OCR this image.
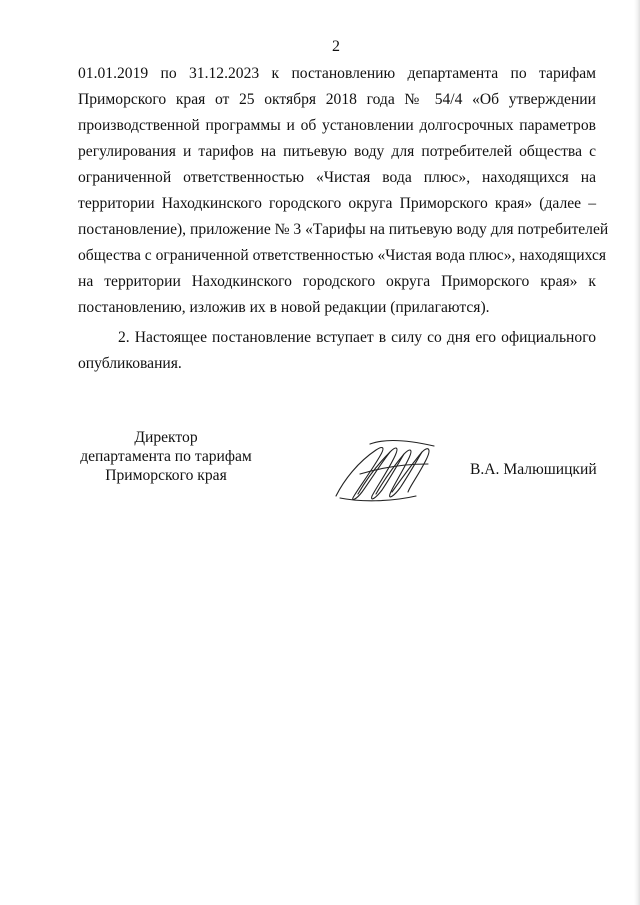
2

01.01.2019 по 31.12.2023 к постановлению департамента по тарифам
Приморского края от 25 октября 2018 года № 54/4 «Об утверждении
производственной программы и об установлении долгосрочных параметров
регулирования и тарифов на питьевую воду для потребителей общества с
ограниченной ответственностью «Чистая вода плюс», находящихся на
территории Находкинского городского округа Приморского края» (далее –
постановление), приложение № 3 «Тарифы на питьевую воду для потребителей
общества с ограниченной ответственностью «Чистая вода плюс», находящихся
на территории Находкинского городского округа Приморского края» к
постановлению, изложив их в новой редакции (прилагаются).

2. Настоящее постановление вступает в силу со дня его официального
опубликования.

Директор
департамента по тарифам
Приморского края	В.А. Малюшицкий
